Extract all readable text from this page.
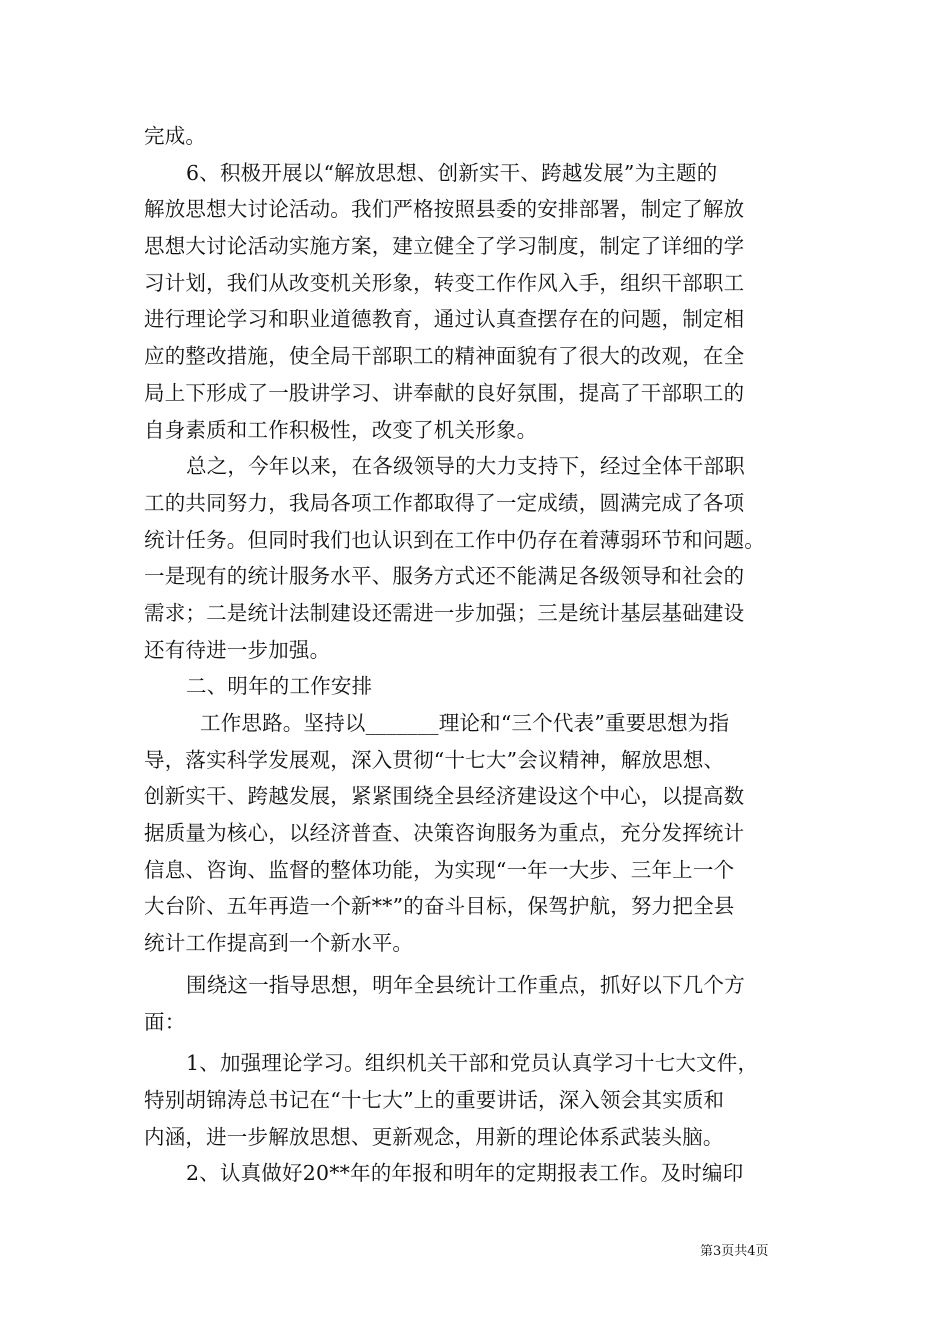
完成。
6、积极开展以“解放思想、创新实干、跨越发展”为主题的
解放思想大讨论活动。我们严格按照县委的安排部署，制定了解放
思想大讨论活动实施方案，建立健全了学习制度，制定了详细的学
习计划，我们从改变机关形象，转变工作作风入手，组织干部职工
进行理论学习和职业道德教育，通过认真查摆存在的问题，制定相
应的整改措施，使全局干部职工的精神面貌有了很大的改观，在全
局上下形成了一股讲学习、讲奉献的良好氛围，提高了干部职工的
自身素质和工作积极性，改变了机关形象。
总之，今年以来，在各级领导的大力支持下，经过全体干部职
工的共同努力，我局各项工作都取得了一定成绩，圆满完成了各项
统计任务。但同时我们也认识到在工作中仍存在着薄弱环节和问题。
一是现有的统计服务水平、服务方式还不能满足各级领导和社会的
需求；二是统计法制建设还需进一步加强；三是统计基层基础建设
还有待进一步加强。
二、明年的工作安排
工作思路。坚持以_______理论和“三个代表”重要思想为指
导，落实科学发展观，深入贯彻“十七大”会议精神，解放思想、
创新实干、跨越发展，紧紧围绕全县经济建设这个中心，以提高数
据质量为核心，以经济普查、决策咨询服务为重点，充分发挥统计
信息、咨询、监督的整体功能，为实现“一年一大步、三年上一个
大台阶、五年再造一个新**”的奋斗目标，保驾护航，努力把全县
统计工作提高到一个新水平。
围绕这一指导思想，明年全县统计工作重点，抓好以下几个方
面：
1、加强理论学习。组织机关干部和党员认真学习十七大文件，
特别胡锦涛总书记在“十七大”上的重要讲话，深入领会其实质和
内涵，进一步解放思想、更新观念，用新的理论体系武装头脑。
2、认真做好20**年的年报和明年的定期报表工作。及时编印
第3页共4页
